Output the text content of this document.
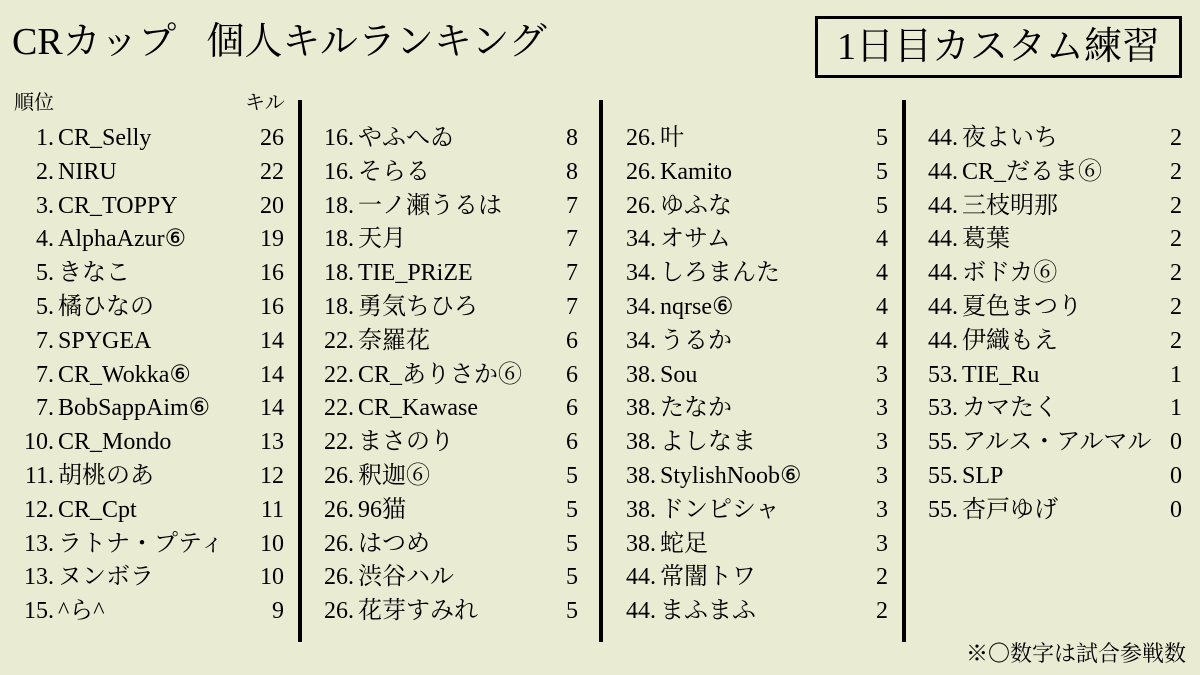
CRカップ 個人キルランキング	1日目カスタム練習
順位	キル
1. CR_Selly	26
2. NIRU	22
3. CR_TOPPY	20
4. AlphaAzur⑥	19
5. きなこ	16
5. 橘ひなの	16
7. SPYGEA	14
7. CR_Wokka⑥	14
7. BobSappAim⑥ 14
10. CR_Mondo	13
11. 胡桃のあ	12
12. CR_Cpt	11
13. ラトナ・プティ 10
13. ヌンボラ	10
15. ^ら^	9
16. やふへゐ	8
16. そらる	8
18. 一ノ瀬うるは	7
18. 天月	7
18. TIE_PRiZE	7
18. 勇気ちひろ	7
22. 奈羅花	6
22. CR_ありさか⑥ 6
22. CR_Kawase	6
22. まさのり	6
26. 釈迦⑥	5
26. 96猫	5
26. はつめ	5
26. 渋谷ハル	5
26. 花芽すみれ	5
26. 叶	5
26. Kamito	5
26. ゆふな	5
34. オサム	4
34. しろまんた	4
34. nqrse⑥	4
34. うるか	4
38. Sou	3
38. たなか	3
38. よしなま	3
38. StylishNoob⑥	3
38. ドンピシャ	3
38. 蛇足	3
44. 常闇トワ	2
44. まふまふ	2
44. 夜よいち	2
44. CR_だるま⑥	2
44. 三枝明那	2
44. 葛葉	2
44. ボドカ⑥	2
44. 夏色まつり	2
44. 伊織もえ	2
53. TIE_Ru	1
53. カマたく	1
55. アルス・アルマル 0
55. SLP	0
55. 杏戸ゆげ	0
※〇数字は試合参戦数
